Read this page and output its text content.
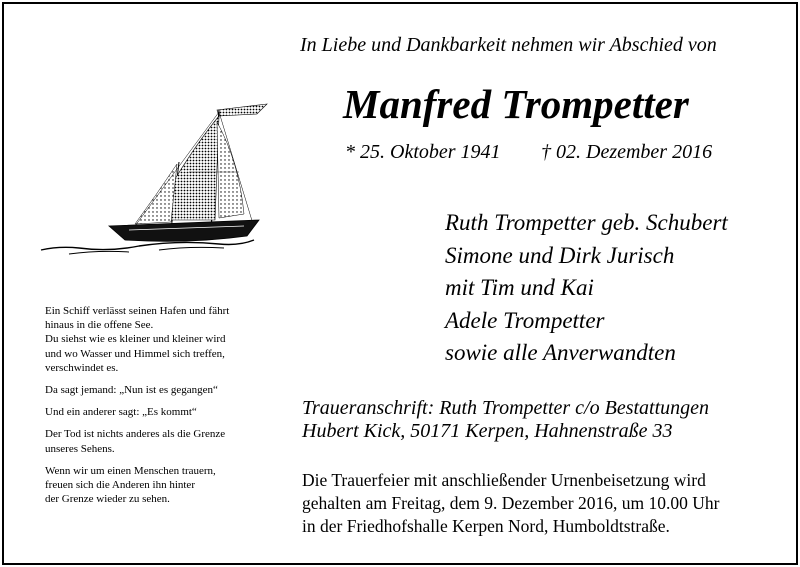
In Liebe und Dankbarkeit nehmen wir Abschied von
Manfred Trompetter
* 25. Oktober 1941 † 02. Dezember 2016
Ruth Trompetter geb. Schubert
Simone und Dirk Jurisch
mit Tim und Kai
Adele Trompetter
sowie alle Anverwandten
Ein Schiff verlässt seinen Hafen und fährt
hinaus in die offene See.
Du siehst wie es kleiner und kleiner wird
und wo Wasser und Himmel sich treffen,
verschwindet es.
Da sagt jemand: „Nun ist es gegangen“
Und ein anderer sagt: „Es kommt“
Der Tod ist nichts anderes als die Grenze
unseres Sehens.
Wenn wir um einen Menschen trauern,
freuen sich die Anderen ihn hinter
der Grenze wieder zu sehen.
Traueranschrift: Ruth Trompetter c/o Bestattungen
Hubert Kick, 50171 Kerpen, Hahnenstraße 33
Die Trauerfeier mit anschließender Urnenbeisetzung wird
gehalten am Freitag, dem 9. Dezember 2016, um 10.00 Uhr
in der Friedhofshalle Kerpen Nord, Humboldtstraße.
